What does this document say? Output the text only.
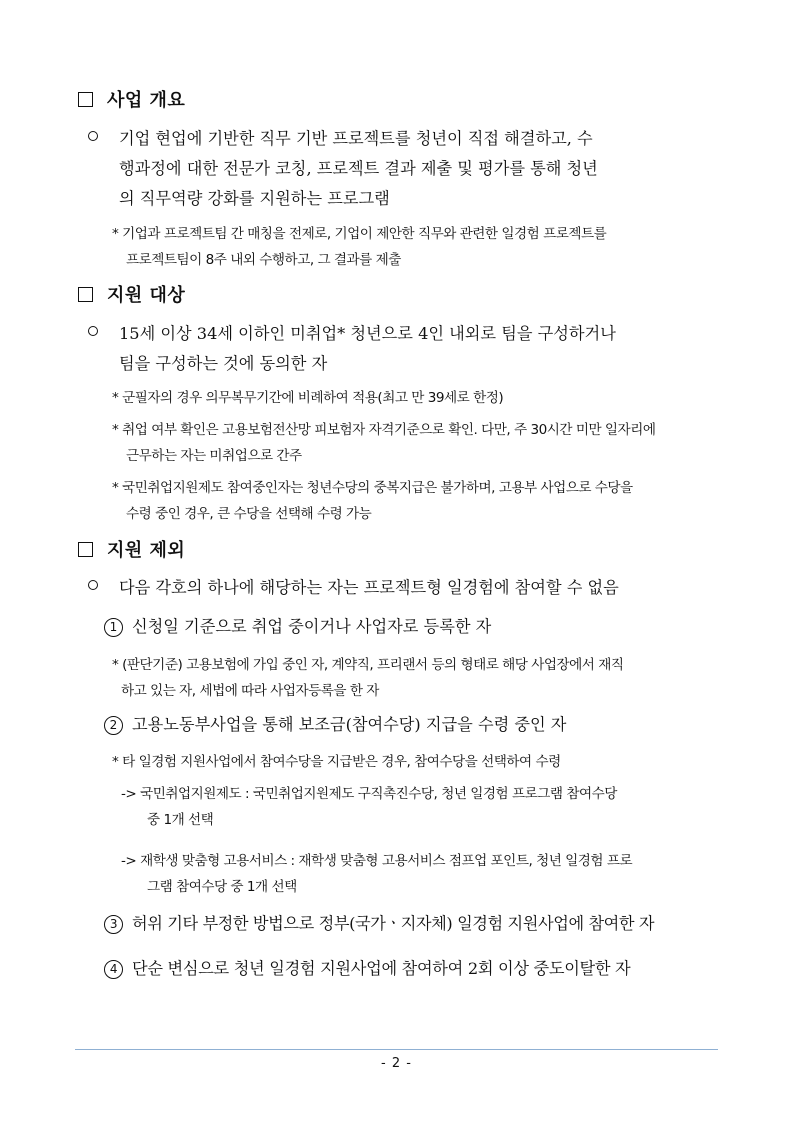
사업 개요
기업 현업에 기반한 직무 기반 프로젝트를 청년이 직접 해결하고, 수
행과정에 대한 전문가 코칭, 프로젝트 결과 제출 및 평가를 통해 청년
의 직무역량 강화를 지원하는 프로그램
* 기업과 프로젝트팀 간 매칭을 전제로, 기업이 제안한 직무와 관련한 일경험 프로젝트를
프로젝트팀이 8주 내외 수행하고, 그 결과를 제출
지원 대상
15세 이상 34세 이하인 미취업* 청년으로 4인 내외로 팀을 구성하거나
팀을 구성하는 것에 동의한 자
* 군필자의 경우 의무복무기간에 비례하여 적용(최고 만 39세로 한정)
* 취업 여부 확인은 고용보험전산망 피보험자 자격기준으로 확인. 다만, 주 30시간 미만 일자리에
근무하는 자는 미취업으로 간주
* 국민취업지원제도 참여중인자는 청년수당의 중복지급은 불가하며, 고용부 사업으로 수당을
수령 중인 경우, 큰 수당을 선택해 수령 가능
지원 제외
다음 각호의 하나에 해당하는 자는 프로젝트형 일경험에 참여할 수 없음
1 신청일 기준으로 취업 중이거나 사업자로 등록한 자
* (판단기준) 고용보험에 가입 중인 자, 계약직, 프리랜서 등의 형태로 해당 사업장에서 재직
하고 있는 자, 세법에 따라 사업자등록을 한 자
2 고용노동부사업을 통해 보조금(참여수당) 지급을 수령 중인 자
* 타 일경험 지원사업에서 참여수당을 지급받은 경우, 참여수당을 선택하여 수령
-> 국민취업지원제도 : 국민취업지원제도 구직촉진수당, 청년 일경험 프로그램 참여수당
중 1개 선택
-> 재학생 맞춤형 고용서비스 : 재학생 맞춤형 고용서비스 점프업 포인트, 청년 일경험 프로
그램 참여수당 중 1개 선택
3 허위 기타 부정한 방법으로 정부(국가ㆍ지자체) 일경험 지원사업에 참여한 자
4 단순 변심으로 청년 일경험 지원사업에 참여하여 2회 이상 중도이탈한 자
- 2 -
